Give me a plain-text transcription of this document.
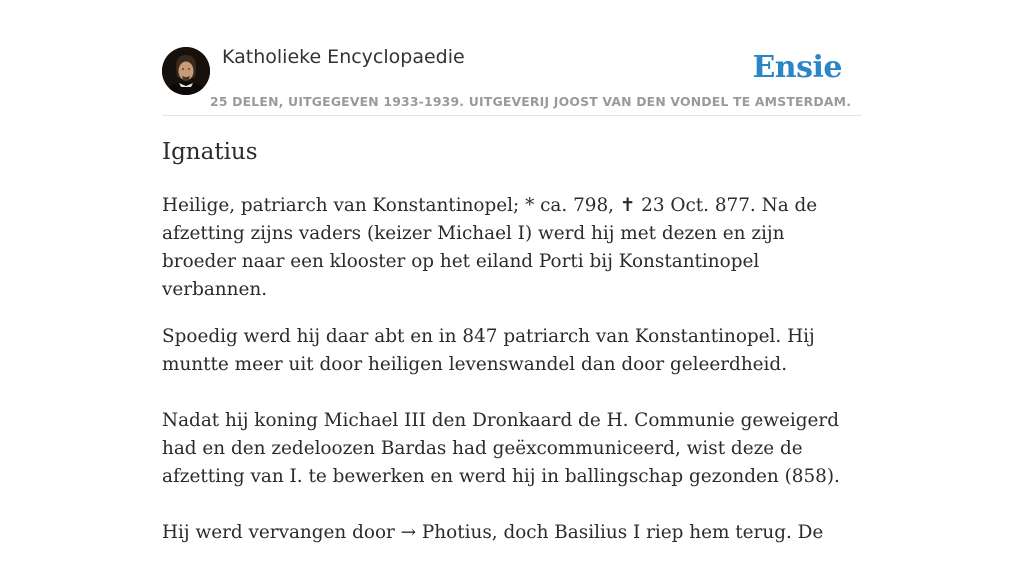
Katholieke Encyclopaedie	Ensie
25 DELEN, UITGEGEVEN 1933-1939. UITGEVERIJ JOOST VAN DEN VONDEL TE AMSTERDAM.
Ignatius

Heilige, patriarch van Konstantinopel; * ca. 798, ✝ 23 Oct. 877. Na de afzetting zijns vaders (keizer Michael I) werd hij met dezen en zijn broeder naar een klooster op het eiland Porti bij Konstantinopel verbannen.

Spoedig werd hij daar abt en in 847 patriarch van Konstantinopel. Hij muntte meer uit door heiligen levenswandel dan door geleerdheid.

Nadat hij koning Michael III den Dronkaard de H. Communie geweigerd had en den zedeloozen Bardas had geëxcommuniceerd, wist deze de afzetting van I. te bewerken en werd hij in ballingschap gezonden (858).

Hij werd vervangen door → Photius, doch Basilius I riep hem terug. De
